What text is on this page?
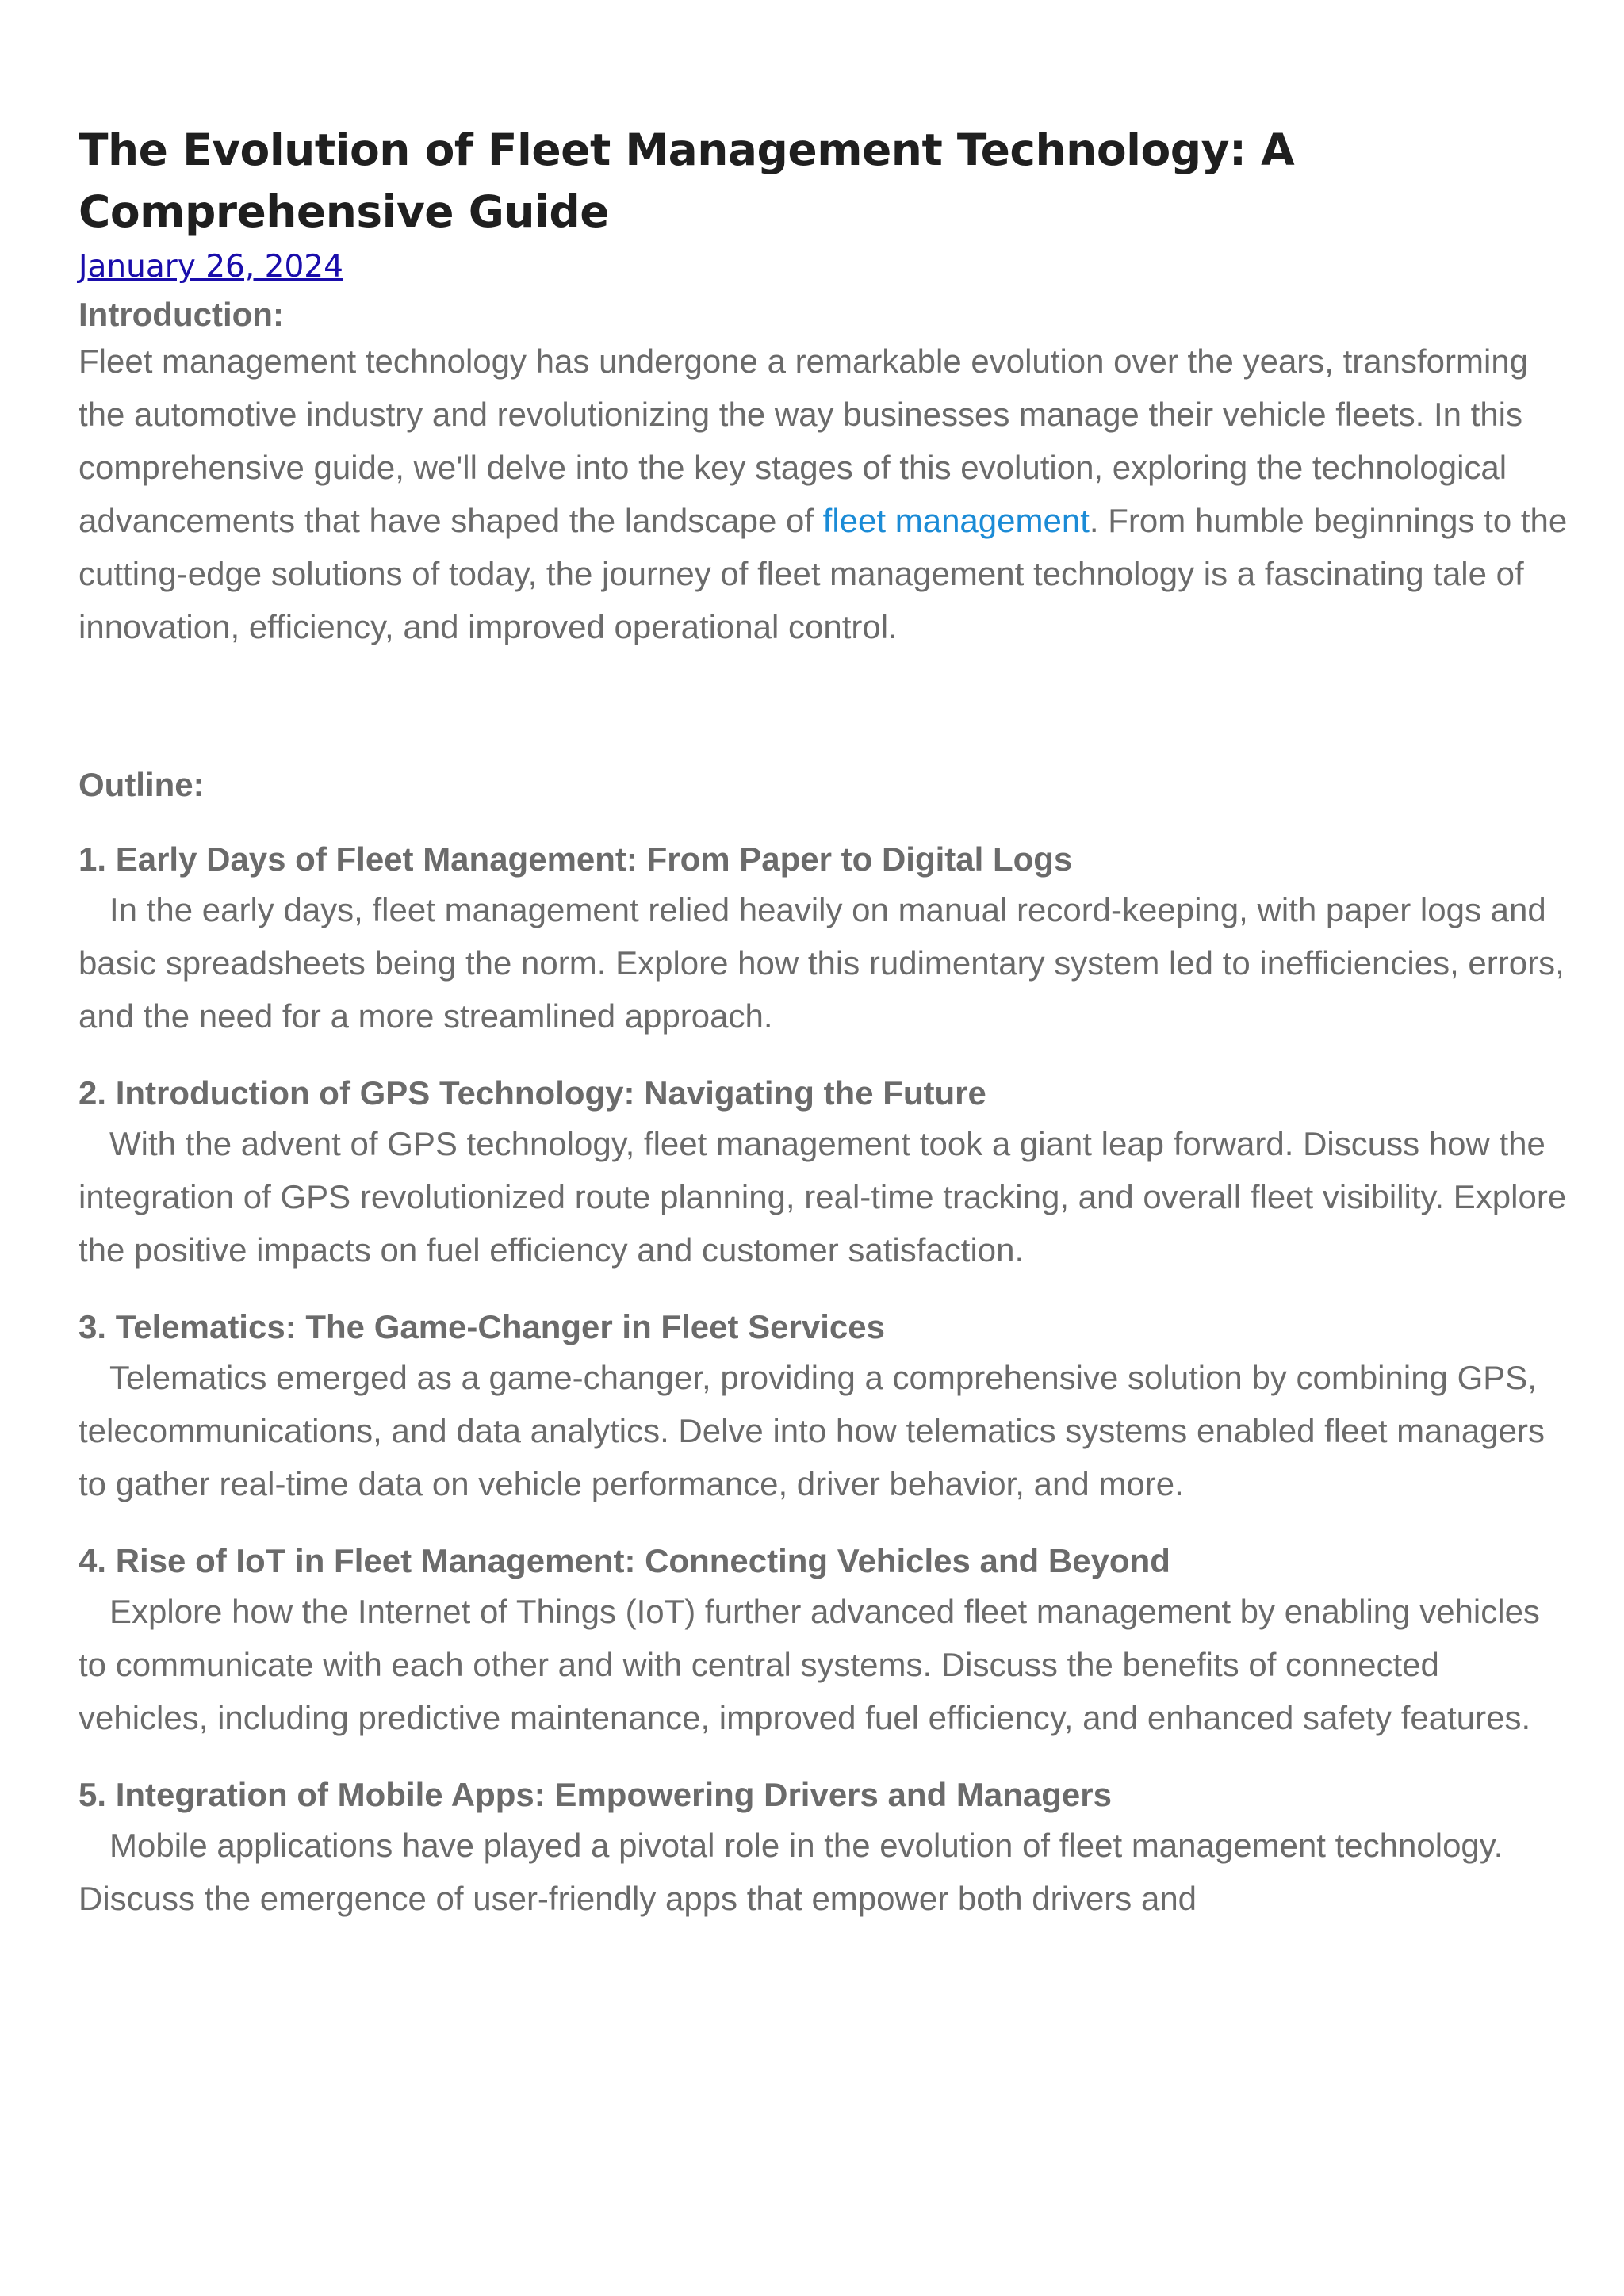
The Evolution of Fleet Management Technology: A Comprehensive Guide
January 26, 2024
Introduction:

Fleet management technology has undergone a remarkable evolution over the years, transforming the automotive industry and revolutionizing the way businesses manage their vehicle fleets. In this comprehensive guide, we'll delve into the key stages of this evolution, exploring the technological advancements that have shaped the landscape of fleet management. From humble beginnings to the cutting-edge solutions of today, the journey of fleet management technology is a fascinating tale of innovation, efficiency, and improved operational control.

Outline:
1. Early Days of Fleet Management: From Paper to Digital Logs

In the early days, fleet management relied heavily on manual record-keeping, with paper logs and basic spreadsheets being the norm. Explore how this rudimentary system led to inefficiencies, errors, and the need for a more streamlined approach.

2. Introduction of GPS Technology: Navigating the Future

With the advent of GPS technology, fleet management took a giant leap forward. Discuss how the integration of GPS revolutionized route planning, real-time tracking, and overall fleet visibility. Explore the positive impacts on fuel efficiency and customer satisfaction.

3. Telematics: The Game-Changer in Fleet Services

Telematics emerged as a game-changer, providing a comprehensive solution by combining GPS, telecommunications, and data analytics. Delve into how telematics systems enabled fleet managers to gather real-time data on vehicle performance, driver behavior, and more.

4. Rise of IoT in Fleet Management: Connecting Vehicles and Beyond

Explore how the Internet of Things (IoT) further advanced fleet management by enabling vehicles to communicate with each other and with central systems. Discuss the benefits of connected vehicles, including predictive maintenance, improved fuel efficiency, and enhanced safety features.

5. Integration of Mobile Apps: Empowering Drivers and Managers

Mobile applications have played a pivotal role in the evolution of fleet management technology. Discuss the emergence of user-friendly apps that empower both drivers and
